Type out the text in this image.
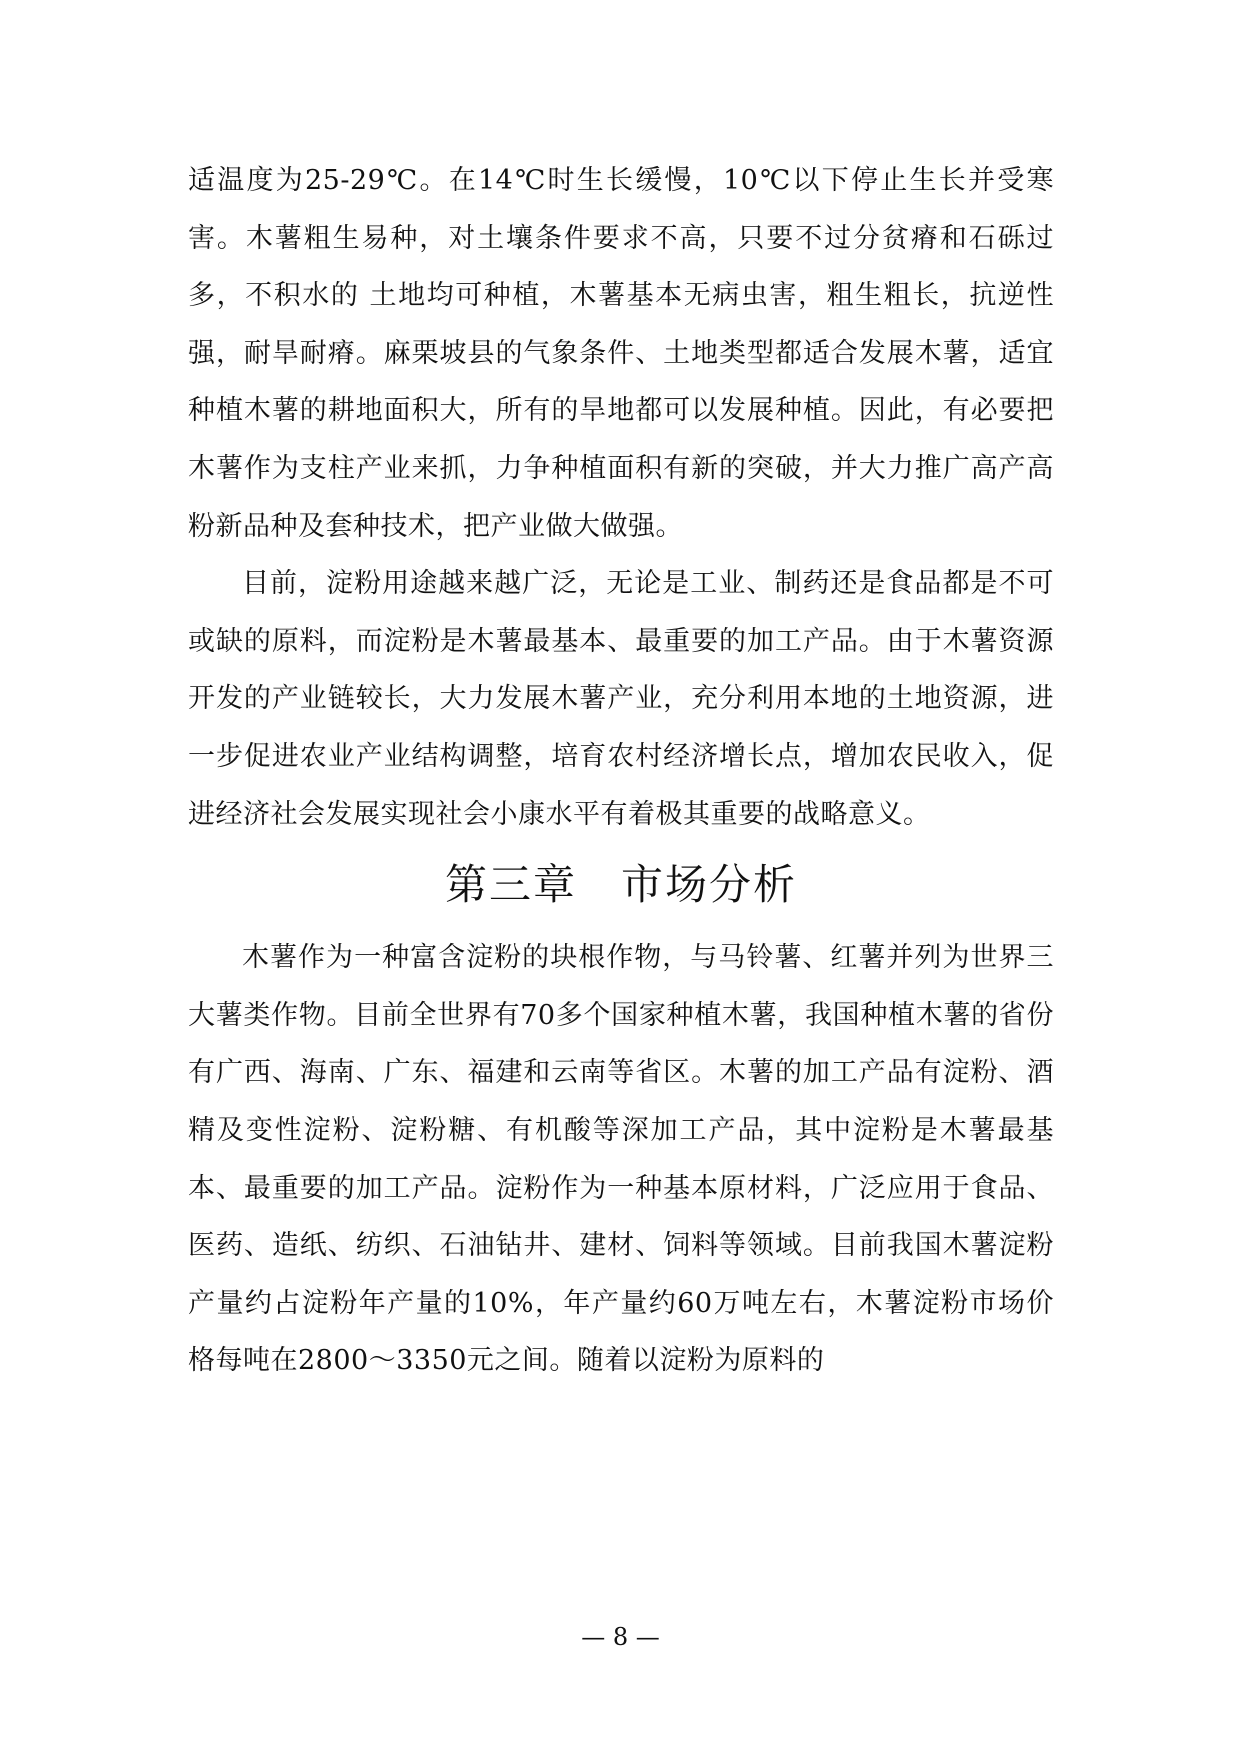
适温度为25-29℃。在14℃时生长缓慢，10℃以下停止生长并受寒害。木薯粗生易种，对土壤条件要求不高，只要不过分贫瘠和石砾过多，不积水的 土地均可种植，木薯基本无病虫害，粗生粗长，抗逆性强，耐旱耐瘠。麻栗坡县的气象条件、土地类型都适合发展木薯，适宜种植木薯的耕地面积大，所有的旱地都可以发展种植。因此，有必要把木薯作为支柱产业来抓，力争种植面积有新的突破，并大力推广高产高粉新品种及套种技术，把产业做大做强。

目前，淀粉用途越来越广泛，无论是工业、制药还是食品都是不可或缺的原料，而淀粉是木薯最基本、最重要的加工产品。由于木薯资源开发的产业链较长，大力发展木薯产业，充分利用本地的土地资源，进一步促进农业产业结构调整，培育农村经济增长点，增加农民收入，促进经济社会发展实现社会小康水平有着极其重要的战略意义。

第三章　市场分析

木薯作为一种富含淀粉的块根作物，与马铃薯、红薯并列为世界三大薯类作物。目前全世界有70多个国家种植木薯，我国种植木薯的省份有广西、海南、广东、福建和云南等省区。木薯的加工产品有淀粉、酒精及变性淀粉、淀粉糖、有机酸等深加工产品，其中淀粉是木薯最基本、最重要的加工产品。淀粉作为一种基本原材料，广泛应用于食品、医药、造纸、纺织、石油钻井、建材、饲料等领域。目前我国木薯淀粉产量约占淀粉年产量的10%，年产量约60万吨左右，木薯淀粉市场价格每吨在2800～3350元之间。随着以淀粉为原料的

— 8 —
